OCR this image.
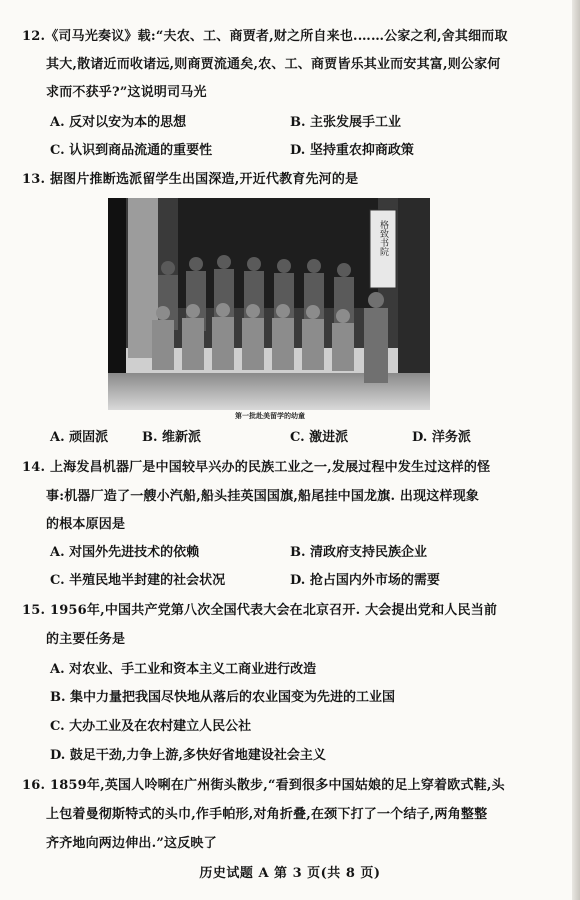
12.《司马光奏议》载:“夫农、工、商贾者,财之所自来也.……公家之利,舍其细而取
其大,散诸近而收诸远,则商贾流通矣,农、工、商贾皆乐其业而安其富,则公家何
求而不获乎?”这说明司马光
A. 反对以安为本的思想	B. 主张发展手工业
C. 认识到商品流通的重要性	D. 坚持重农抑商政策
13. 据图片推断选派留学生出国深造,开近代教育先河的是
格致书院
第一批赴美留学的幼童
A. 顽固派	B. 维新派	C. 激进派	D. 洋务派
14. 上海发昌机器厂是中国较早兴办的民族工业之一,发展过程中发生过这样的怪
事:机器厂造了一艘小汽船,船头挂英国国旗,船尾挂中国龙旗. 出现这样现象
的根本原因是
A. 对国外先进技术的依赖	B. 清政府支持民族企业
C. 半殖民地半封建的社会状况	D. 抢占国内外市场的需要
15. 1956年,中国共产党第八次全国代表大会在北京召开. 大会提出党和人民当前
的主要任务是
A. 对农业、手工业和资本主义工商业进行改造
B. 集中力量把我国尽快地从落后的农业国变为先进的工业国
C. 大办工业及在农村建立人民公社
D. 鼓足干劲,力争上游,多快好省地建设社会主义
16. 1859年,英国人呤唎在广州街头散步,“看到很多中国姑娘的足上穿着欧式鞋,头
上包着曼彻斯特式的头巾,作手帕形,对角折叠,在颈下打了一个结子,两角整整
齐齐地向两边伸出.”这反映了
历史试题 A 第 3 页(共 8 页)
